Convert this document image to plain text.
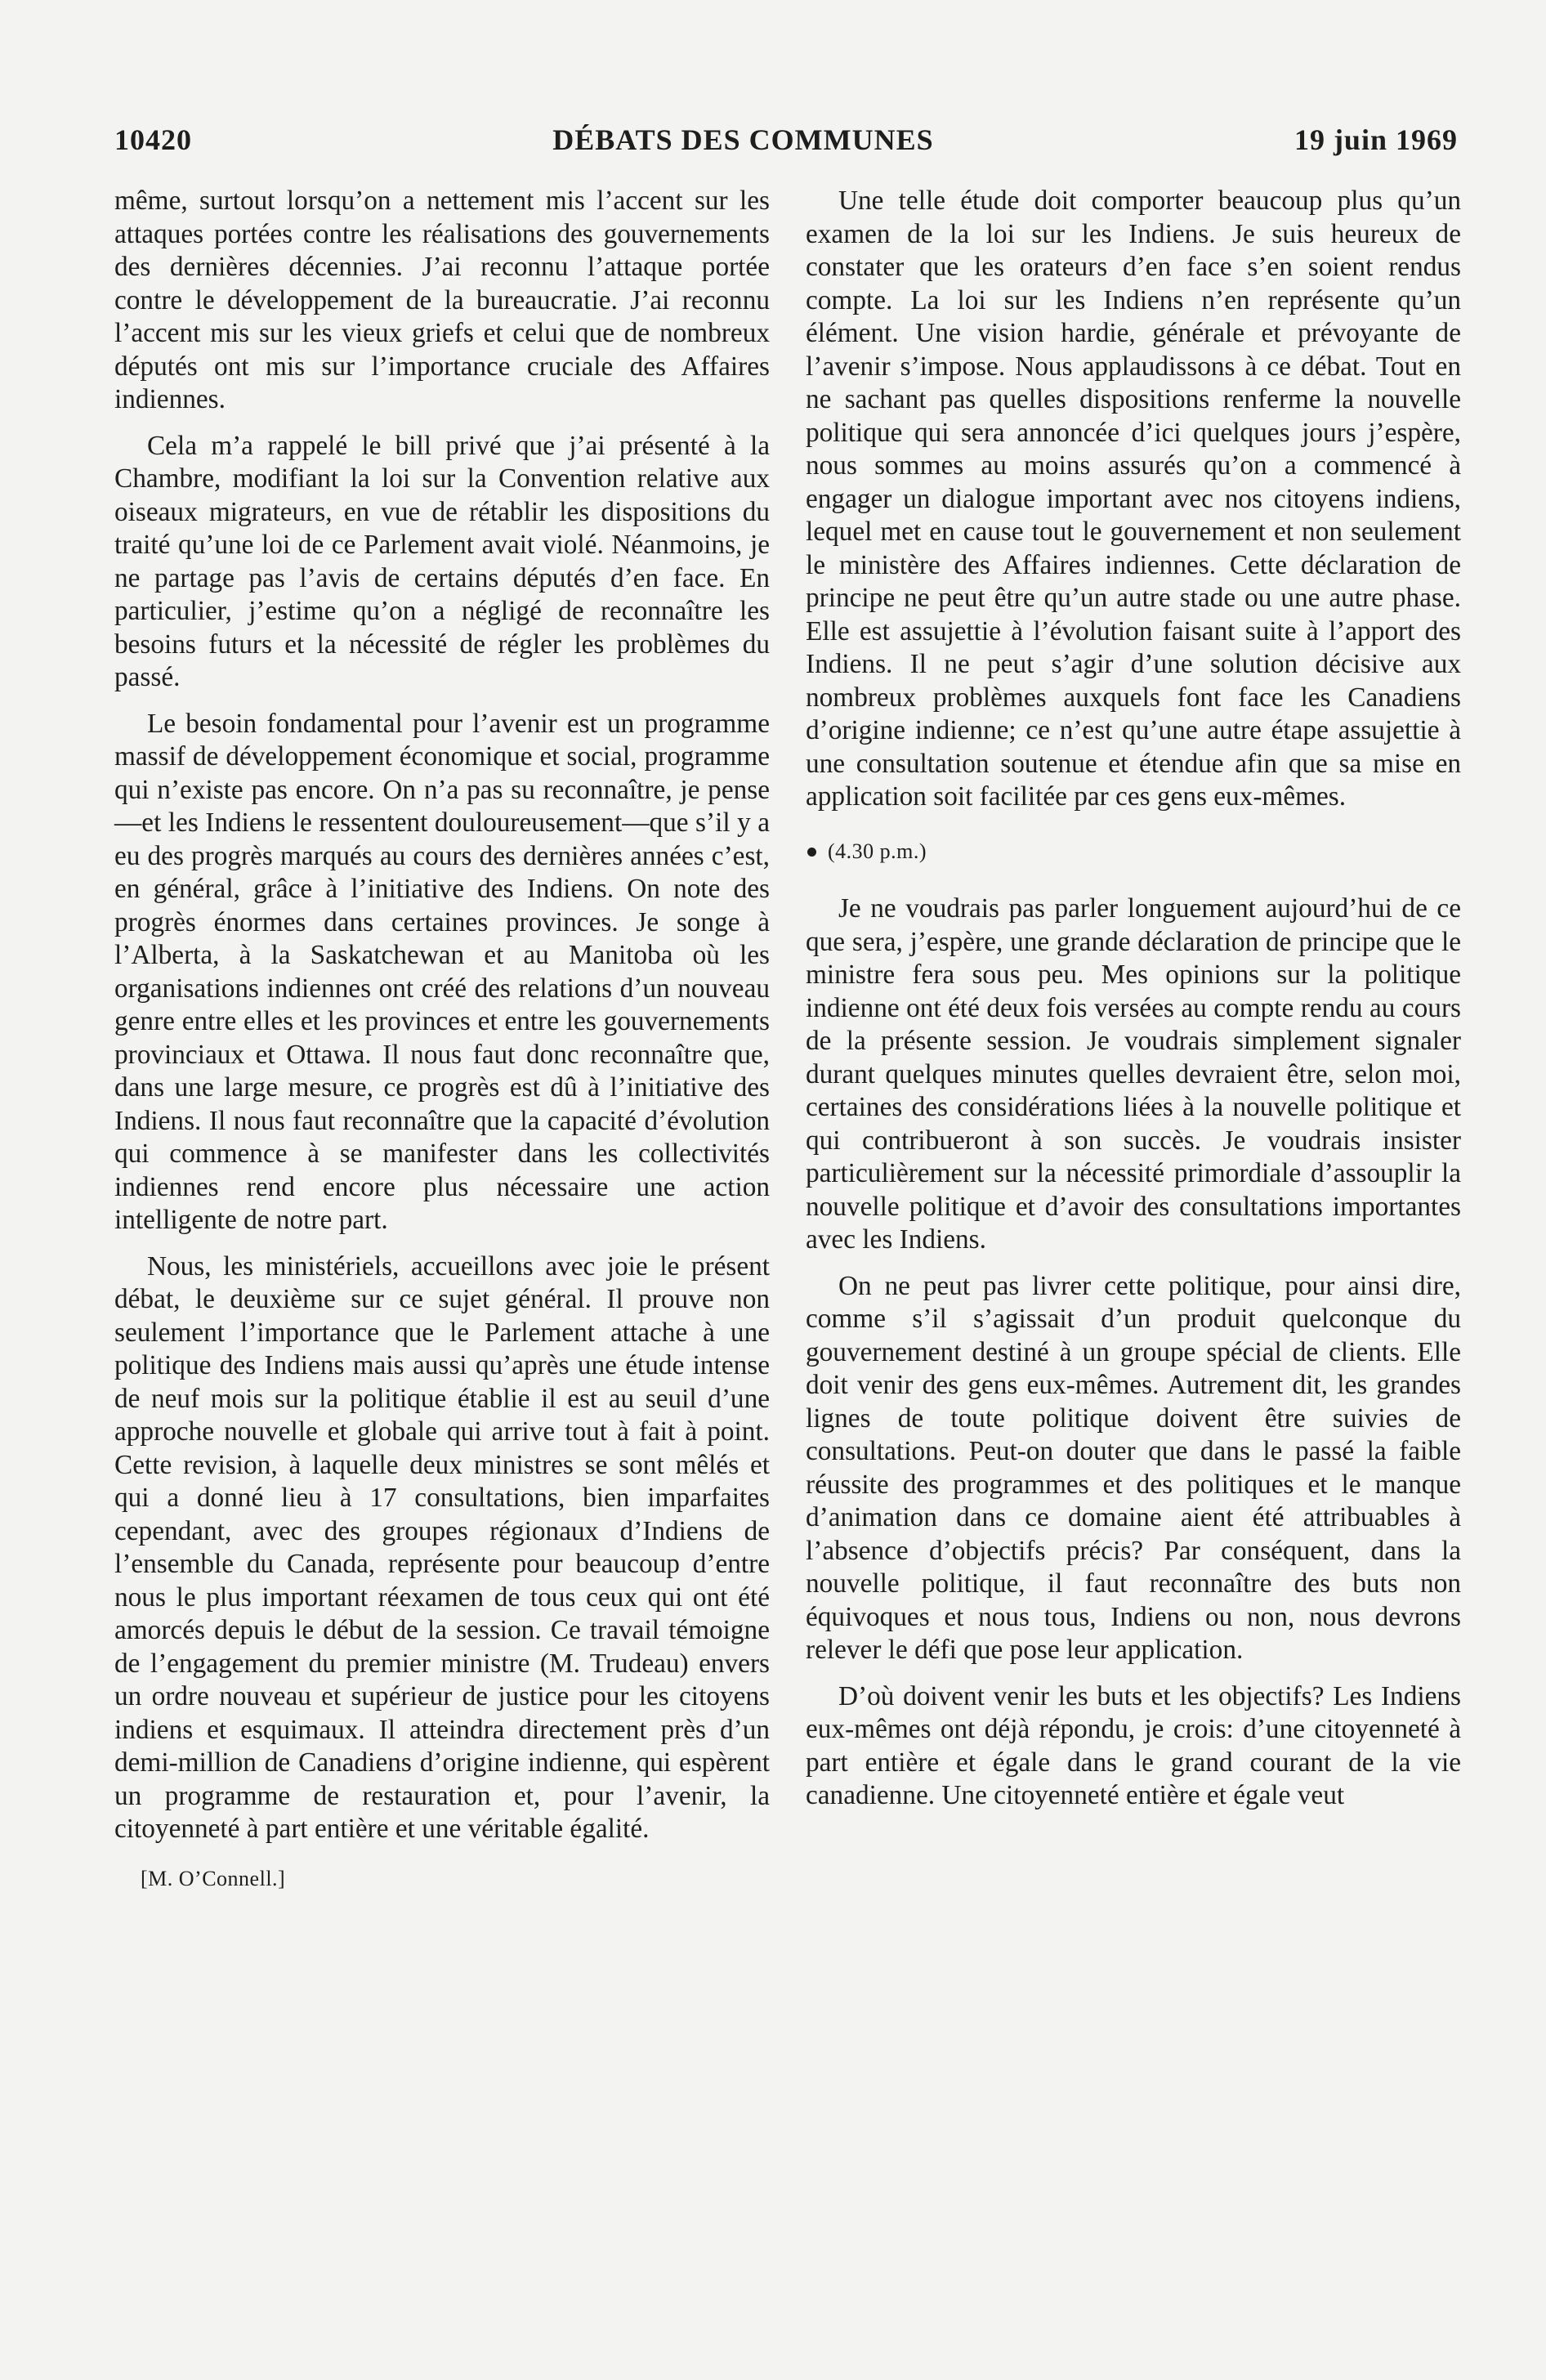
10420	DÉBATS DES COMMUNES	19 juin 1969

même, surtout lorsqu’on a nettement mis l’accent sur les attaques portées contre les réalisations des gouvernements des dernières décennies. J’ai reconnu l’attaque portée contre le développement de la bureaucratie. J’ai reconnu l’accent mis sur les vieux griefs et celui que de nombreux députés ont mis sur l’importance cruciale des Affaires indiennes.

Cela m’a rappelé le bill privé que j’ai présenté à la Chambre, modifiant la loi sur la Convention relative aux oiseaux migrateurs, en vue de rétablir les dispositions du traité qu’une loi de ce Parlement avait violé. Néanmoins, je ne partage pas l’avis de certains députés d’en face. En particulier, j’estime qu’on a négligé de reconnaître les besoins futurs et la nécessité de régler les problèmes du passé.

Le besoin fondamental pour l’avenir est un programme massif de développement économique et social, programme qui n’existe pas encore. On n’a pas su reconnaître, je pense—et les Indiens le ressentent douloureusement—que s’il y a eu des progrès marqués au cours des dernières années c’est, en général, grâce à l’initiative des Indiens. On note des progrès énormes dans certaines provinces. Je songe à l’Alberta, à la Saskatchewan et au Manitoba où les organisations indiennes ont créé des relations d’un nouveau genre entre elles et les provinces et entre les gouvernements provinciaux et Ottawa. Il nous faut donc reconnaître que, dans une large mesure, ce progrès est dû à l’initiative des Indiens. Il nous faut reconnaître que la capacité d’évolution qui commence à se manifester dans les collectivités indiennes rend encore plus nécessaire une action intelligente de notre part.

Nous, les ministériels, accueillons avec joie le présent débat, le deuxième sur ce sujet général. Il prouve non seulement l’importance que le Parlement attache à une politique des Indiens mais aussi qu’après une étude intense de neuf mois sur la politique établie il est au seuil d’une approche nouvelle et globale qui arrive tout à fait à point. Cette revision, à laquelle deux ministres se sont mêlés et qui a donné lieu à 17 consultations, bien imparfaites cependant, avec des groupes régionaux d’Indiens de l’ensemble du Canada, représente pour beaucoup d’entre nous le plus important réexamen de tous ceux qui ont été amorcés depuis le début de la session. Ce travail témoigne de l’engagement du premier ministre (M. Trudeau) envers un ordre nouveau et supérieur de justice pour les citoyens indiens et esquimaux. Il atteindra directement près d’un demi-million de Canadiens d’origine indienne, qui espèrent un programme de restauration et, pour l’avenir, la citoyenneté à part entière et une véritable égalité.

[M. O’Connell.]

Une telle étude doit comporter beaucoup plus qu’un examen de la loi sur les Indiens. Je suis heureux de constater que les orateurs d’en face s’en soient rendus compte. La loi sur les Indiens n’en représente qu’un élément. Une vision hardie, générale et prévoyante de l’avenir s’impose. Nous applaudissons à ce débat. Tout en ne sachant pas quelles dispositions renferme la nouvelle politique qui sera annoncée d’ici quelques jours j’espère, nous sommes au moins assurés qu’on a commencé à engager un dialogue important avec nos citoyens indiens, lequel met en cause tout le gouvernement et non seulement le ministère des Affaires indiennes. Cette déclaration de principe ne peut être qu’un autre stade ou une autre phase. Elle est assujettie à l’évolution faisant suite à l’apport des Indiens. Il ne peut s’agir d’une solution décisive aux nombreux problèmes auxquels font face les Canadiens d’origine indienne; ce n’est qu’une autre étape assujettie à une consultation soutenue et étendue afin que sa mise en application soit facilitée par ces gens eux-mêmes.

(4.30 p.m.)

Je ne voudrais pas parler longuement aujourd’hui de ce que sera, j’espère, une grande déclaration de principe que le ministre fera sous peu. Mes opinions sur la politique indienne ont été deux fois versées au compte rendu au cours de la présente session. Je voudrais simplement signaler durant quelques minutes quelles devraient être, selon moi, certaines des considérations liées à la nouvelle politique et qui contribueront à son succès. Je voudrais insister particulièrement sur la nécessité primordiale d’assouplir la nouvelle politique et d’avoir des consultations importantes avec les Indiens.

On ne peut pas livrer cette politique, pour ainsi dire, comme s’il s’agissait d’un produit quelconque du gouvernement destiné à un groupe spécial de clients. Elle doit venir des gens eux-mêmes. Autrement dit, les grandes lignes de toute politique doivent être suivies de consultations. Peut-on douter que dans le passé la faible réussite des programmes et des politiques et le manque d’animation dans ce domaine aient été attribuables à l’absence d’objectifs précis? Par conséquent, dans la nouvelle politique, il faut reconnaître des buts non équivoques et nous tous, Indiens ou non, nous devrons relever le défi que pose leur application.

D’où doivent venir les buts et les objectifs? Les Indiens eux-mêmes ont déjà répondu, je crois: d’une citoyenneté à part entière et égale dans le grand courant de la vie canadienne. Une citoyenneté entière et égale veut
